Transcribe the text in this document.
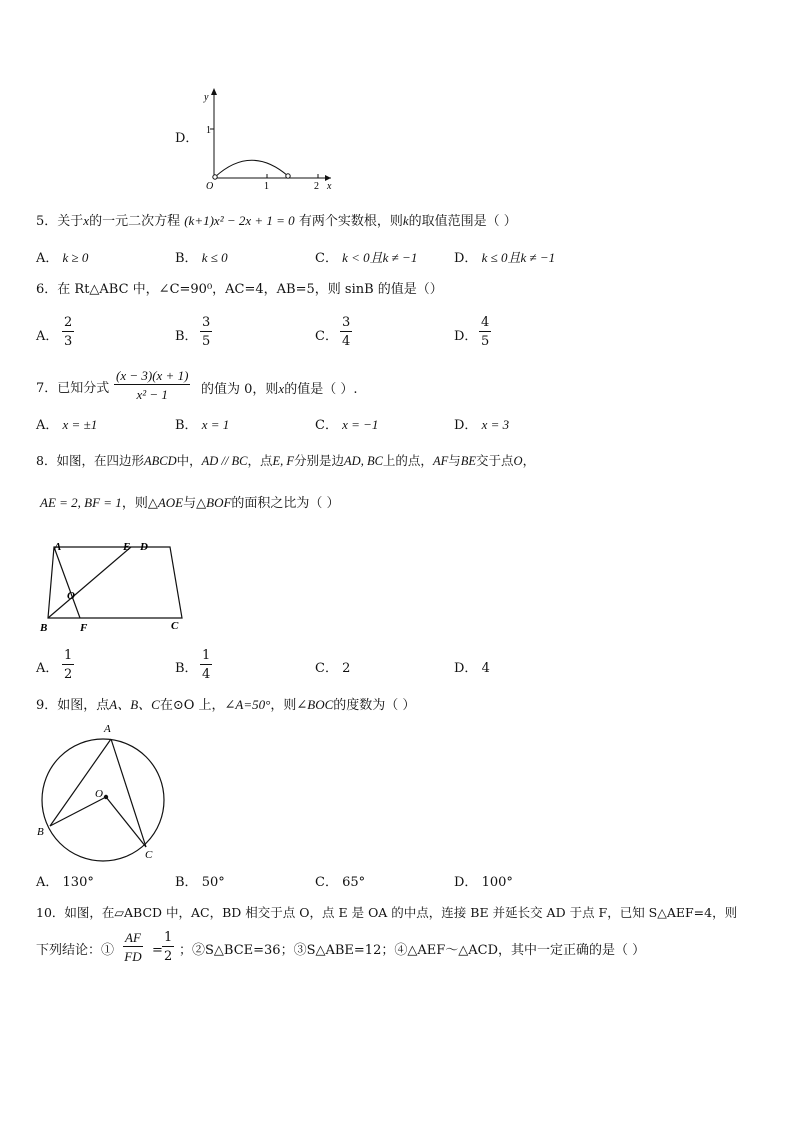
D．
y
1
O	1	2 x
5．关于x的一元二次方程 (k+1)x² − 2x + 1 = 0 有两个实数根，则k的取值范围是（ ）
A． k ≥ 0	B． k ≤ 0	C． k < 0且k ≠ −1	D． k ≤ 0且k ≠ −1
6．在 Rt△ABC 中，∠C=90⁰，AC=4，AB=5，则 sinB 的值是（）
A． $\frac{2}{3}$	B． $\frac{3}{5}$	C． $\frac{3}{4}$	D． $\frac{4}{5}$
7．已知分式 $\frac{(x - 3)(x + 1)}{\text{x² − 1}}$ 的值为 0，则x的值是（ ）.
A． x = ±1	B． x = 1	C． x = −1	D． x = 3
8．如图，在四边形ABCD中，AD // BC，点E, F分别是边AD, BC上的点，AF与BE交于点O，
AE = 2, BF = 1，则△AOE与△BOF的面积之比为（ ）
A	E D
O
B	F	C
A． $\frac{1}{2}$	B． $\frac{1}{4}$	C． 2	D． 4
9．如图，点A、B、C在⊙O 上，∠A=50°，则∠BOC的度数为（ ）
A
O
B
C
A． 130°	B． 50°	C． 65°	D． 100°
10．如图，在▱ABCD 中，AC，BD 相交于点 O，点 E 是 OA 的中点，连接 BE 并延长交 AD 于点 F，已知 S△AEF=4，则
下列结论：① $\frac{AF}{FD} = \frac{1}{2}$ ；②S△BCE=36；③S△ABE=12；④△AEF～△ACD，其中一定正确的是（ ）
